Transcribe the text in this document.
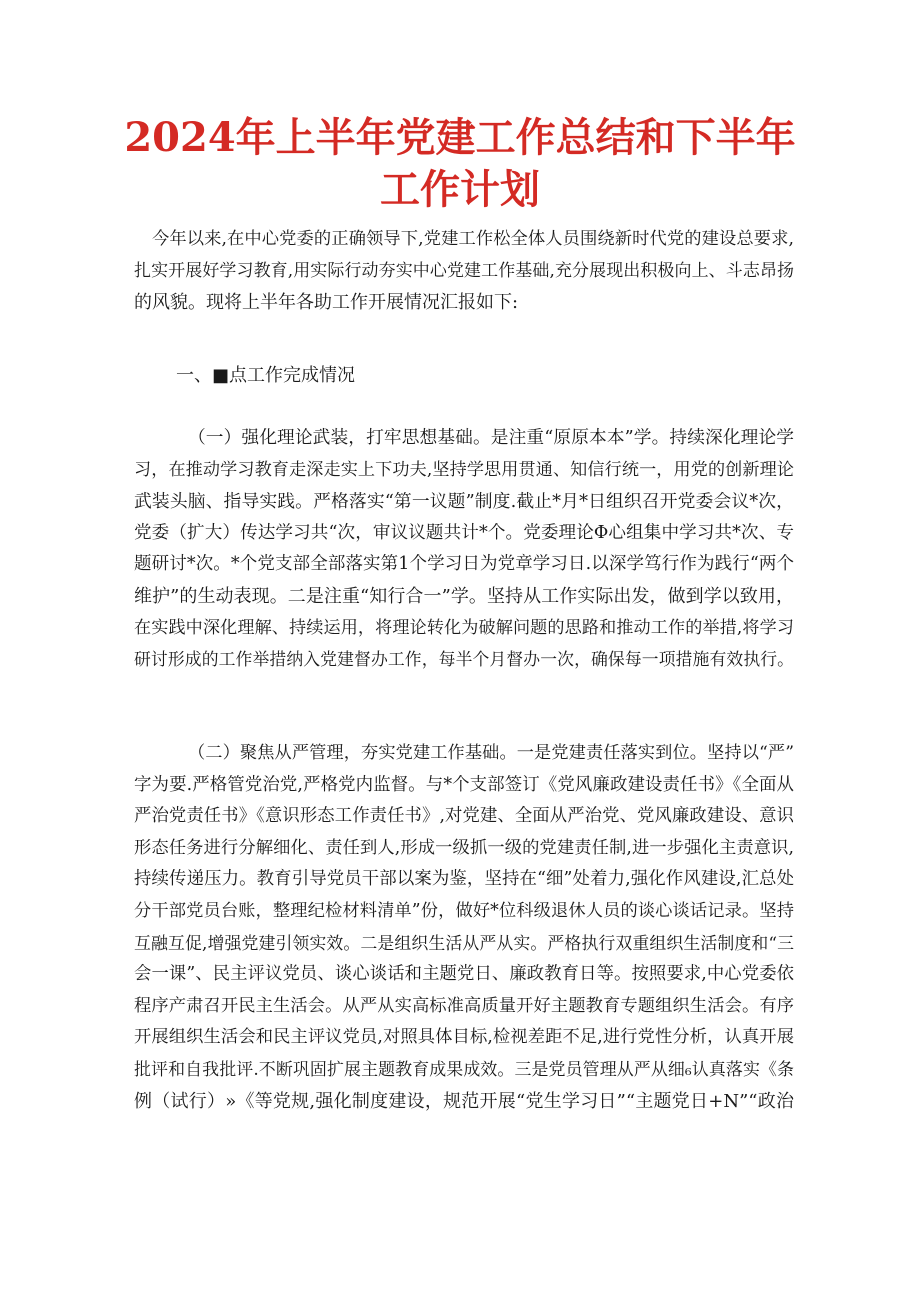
2024年上半年党建工作总结和下半年
工作计划
今年以来,在中心党委的正确领导下,党建工作松全体人员围绕新时代党的建设总要求,
扎实开展好学习教育,用实际行动夯实中心党建工作基础,充分展现出积极向上、斗志昂扬
的风貌。现将上半年各助工作开展情况汇报如下:
一、■点工作完成情况
（一）强化理论武装，打牢思想基础。是注重“原原本本”学。持续深化理论学
习，在推动学习教育走深走实上下功夫,坚持学思用贯通、知信行统一，用党的创新理论
武装头脑、指导实践。严格落实“第一议题”制度.截止*月*日组织召开党委会议*次，
党委（扩大）传达学习共“次，审议议题共计*个。党委理论Φ心组集中学习共*次、专
题研讨*次。*个党支部全部落实第1个学习日为党章学习日.以深学笃行作为践行“两个
维护”的生动表现。二是注重“知行合一”学。坚持从工作实际出发，做到学以致用，
在实践中深化理解、持续运用，将理论转化为破解问题的思路和推动工作的举措,将学习
研讨形成的工作举措纳入党建督办工作，每半个月督办一次，确保每一项措施有效执行。
（二）聚焦从严管理，夯实党建工作基础。一是党建责任落实到位。坚持以“严”
字为要.严格管党治党,严格党内监督。与*个支部签订《党风廉政建设责任书》《全面从
严治党责任书》《意识形态工作责任书》,对党建、全面从严治党、党风廉政建设、意识
形态任务进行分解细化、责任到人,形成一级抓一级的党建责任制,进一步强化主责意识,
持续传递压力。教育引导党员干部以案为鉴，坚持在“细”处着力,强化作风建设,汇总处
分干部党员台账，整理纪检材料清单”份，做好*位科级退休人员的谈心谈话记录。坚持
互融互促,增强党建引领实效。二是组织生活从严从实。严格执行双重组织生活制度和“三
会一课”、民主评议党员、谈心谈话和主题党日、廉政教育日等。按照要求,中心党委依
程序产肃召开民主生活会。从严从实高标准高质量开好主题教育专题组织生活会。有序
开展组织生活会和民主评议党员,对照具体目标,检视差距不足,进行党性分析，认真开展
批评和自我批评.不断巩固扩展主题教育成果成效。三是党员管理从严从细₆认真落实《条
例（试行）»《等党规,强化制度建设，规范开展“党生学习日”“主题党日+N”“政治
